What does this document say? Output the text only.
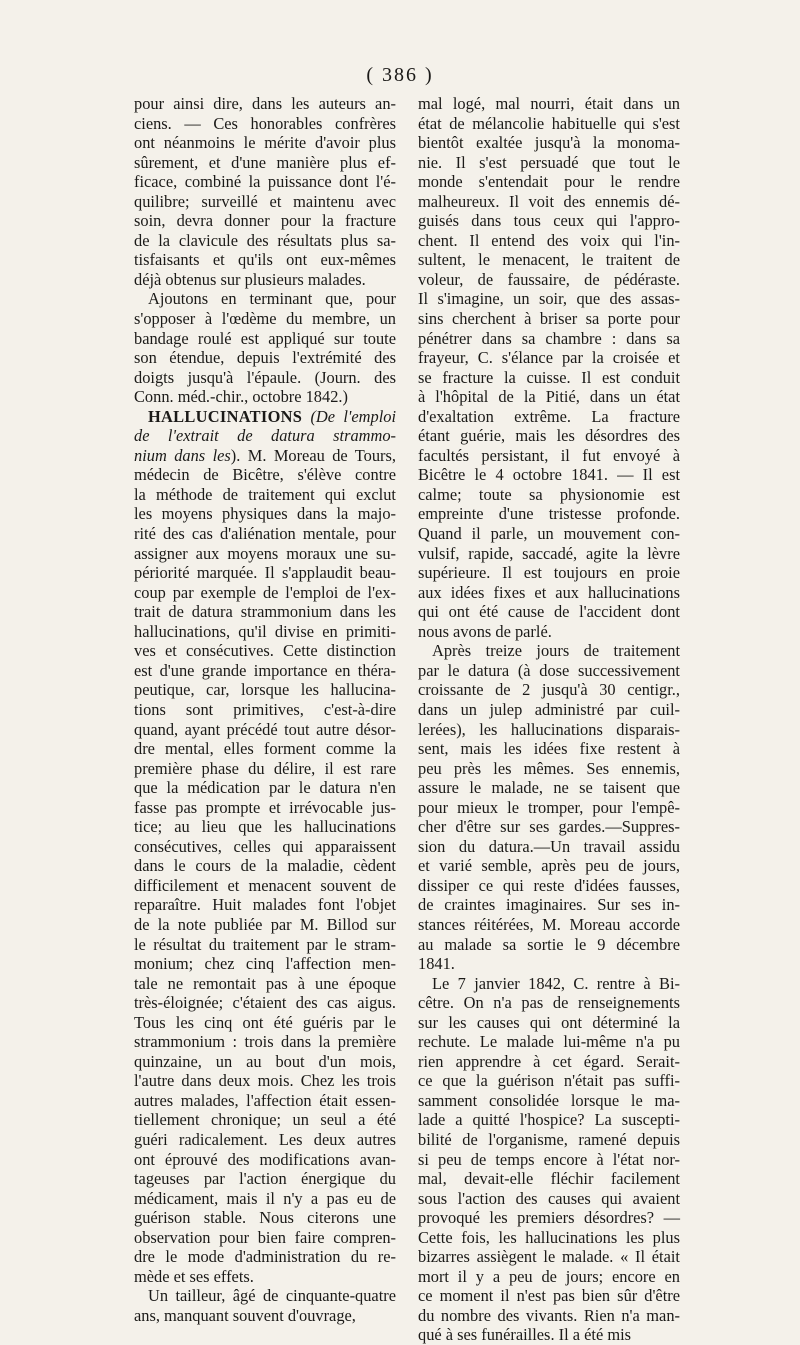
( 386 )
pour ainsi dire, dans les auteurs an-
ciens. — Ces honorables confrères
ont néanmoins le mérite d'avoir plus
sûrement, et d'une manière plus ef-
ficace, combiné la puissance dont l'é-
quilibre; surveillé et maintenu avec
soin, devra donner pour la fracture
de la clavicule des résultats plus sa-
tisfaisants et qu'ils ont eux-mêmes
déjà obtenus sur plusieurs malades.
Ajoutons en terminant que, pour
s'opposer à l'œdème du membre, un
bandage roulé est appliqué sur toute
son étendue, depuis l'extrémité des
doigts jusqu'à l'épaule. (Journ. des
Conn. méd.-chir., octobre 1842.)
HALLUCINATIONS (De l'emploi
de l'extrait de datura strammo-
nium dans les). M. Moreau de Tours,
médecin de Bicêtre, s'élève contre
la méthode de traitement qui exclut
les moyens physiques dans la majo-
rité des cas d'aliénation mentale, pour
assigner aux moyens moraux une su-
périorité marquée. Il s'applaudit beau-
coup par exemple de l'emploi de l'ex-
trait de datura strammonium dans les
hallucinations, qu'il divise en primiti-
ves et consécutives. Cette distinction
est d'une grande importance en théra-
peutique, car, lorsque les hallucina-
tions sont primitives, c'est-à-dire
quand, ayant précédé tout autre désor-
dre mental, elles forment comme la
première phase du délire, il est rare
que la médication par le datura n'en
fasse pas prompte et irrévocable jus-
tice; au lieu que les hallucinations
consécutives, celles qui apparaissent
dans le cours de la maladie, cèdent
difficilement et menacent souvent de
reparaître. Huit malades font l'objet
de la note publiée par M. Billod sur
le résultat du traitement par le stram-
monium; chez cinq l'affection men-
tale ne remontait pas à une époque
très-éloignée; c'étaient des cas aigus.
Tous les cinq ont été guéris par le
strammonium : trois dans la première
quinzaine, un au bout d'un mois,
l'autre dans deux mois. Chez les trois
autres malades, l'affection était essen-
tiellement chronique; un seul a été
guéri radicalement. Les deux autres
ont éprouvé des modifications avan-
tageuses par l'action énergique du
médicament, mais il n'y a pas eu de
guérison stable. Nous citerons une
observation pour bien faire compren-
dre le mode d'administration du re-
mède et ses effets.
Un tailleur, âgé de cinquante-quatre
ans, manquant souvent d'ouvrage,
mal logé, mal nourri, était dans un
état de mélancolie habituelle qui s'est
bientôt exaltée jusqu'à la monoma-
nie. Il s'est persuadé que tout le
monde s'entendait pour le rendre
malheureux. Il voit des ennemis dé-
guisés dans tous ceux qui l'appro-
chent. Il entend des voix qui l'in-
sultent, le menacent, le traitent de
voleur, de faussaire, de pédéraste.
Il s'imagine, un soir, que des assas-
sins cherchent à briser sa porte pour
pénétrer dans sa chambre : dans sa
frayeur, C. s'élance par la croisée et
se fracture la cuisse. Il est conduit
à l'hôpital de la Pitié, dans un état
d'exaltation extrême. La fracture
étant guérie, mais les désordres des
facultés persistant, il fut envoyé à
Bicêtre le 4 octobre 1841. — Il est
calme; toute sa physionomie est
empreinte d'une tristesse profonde.
Quand il parle, un mouvement con-
vulsif, rapide, saccadé, agite la lèvre
supérieure. Il est toujours en proie
aux idées fixes et aux hallucinations
qui ont été cause de l'accident dont
nous avons de parlé.
Après treize jours de traitement
par le datura (à dose successivement
croissante de 2 jusqu'à 30 centigr.,
dans un julep administré par cuil-
lerées), les hallucinations disparais-
sent, mais les idées fixe restent à
peu près les mêmes. Ses ennemis,
assure le malade, ne se taisent que
pour mieux le tromper, pour l'empê-
cher d'être sur ses gardes.—Suppres-
sion du datura.—Un travail assidu
et varié semble, après peu de jours,
dissiper ce qui reste d'idées fausses,
de craintes imaginaires. Sur ses in-
stances réitérées, M. Moreau accorde
au malade sa sortie le 9 décembre
1841.
Le 7 janvier 1842, C. rentre à Bi-
cêtre. On n'a pas de renseignements
sur les causes qui ont déterminé la
rechute. Le malade lui-même n'a pu
rien apprendre à cet égard. Serait-
ce que la guérison n'était pas suffi-
samment consolidée lorsque le ma-
lade a quitté l'hospice? La suscepti-
bilité de l'organisme, ramené depuis
si peu de temps encore à l'état nor-
mal, devait-elle fléchir facilement
sous l'action des causes qui avaient
provoqué les premiers désordres? —
Cette fois, les hallucinations les plus
bizarres assiègent le malade. « Il était
mort il y a peu de jours; encore en
ce moment il n'est pas bien sûr d'être
du nombre des vivants. Rien n'a man-
qué à ses funérailles. Il a été mis
